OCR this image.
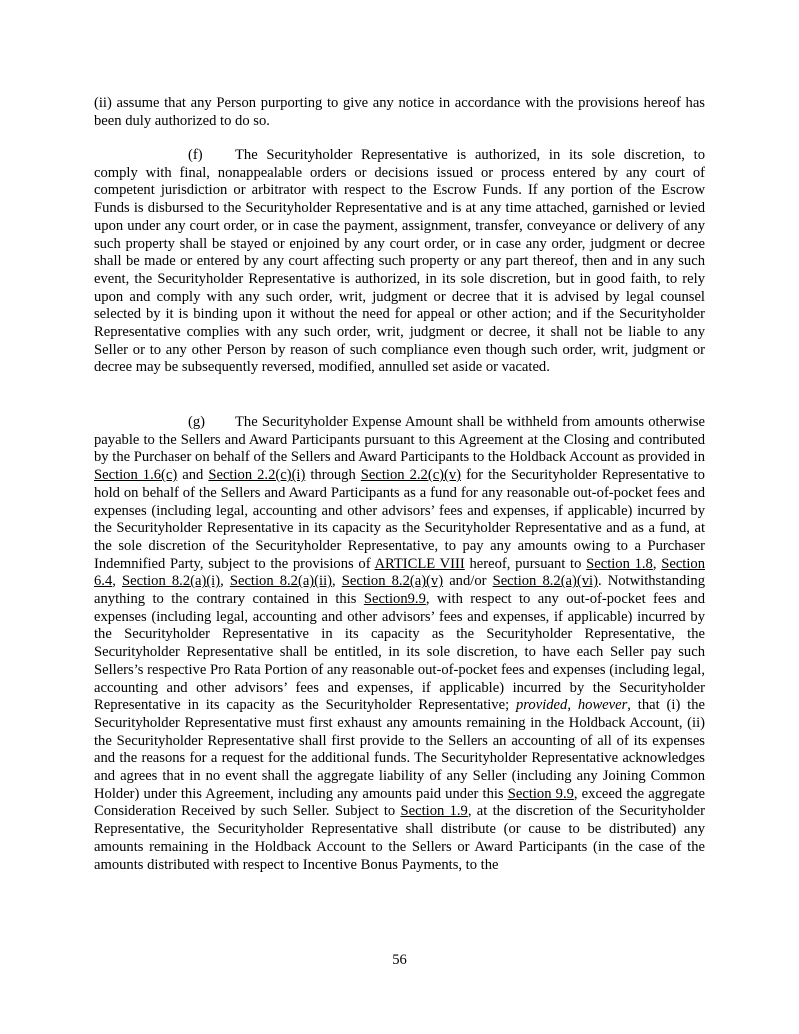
(ii) assume that any Person purporting to give any notice in accordance with the provisions hereof has been duly authorized to do so.

(f) The Securityholder Representative is authorized, in its sole discretion, to comply with final, nonappealable orders or decisions issued or process entered by any court of competent jurisdiction or arbitrator with respect to the Escrow Funds. If any portion of the Escrow Funds is disbursed to the Securityholder Representative and is at any time attached, garnished or levied upon under any court order, or in case the payment, assignment, transfer, conveyance or delivery of any such property shall be stayed or enjoined by any court order, or in case any order, judgment or decree shall be made or entered by any court affecting such property or any part thereof, then and in any such event, the Securityholder Representative is authorized, in its sole discretion, but in good faith, to rely upon and comply with any such order, writ, judgment or decree that it is advised by legal counsel selected by it is binding upon it without the need for appeal or other action; and if the Securityholder Representative complies with any such order, writ, judgment or decree, it shall not be liable to any Seller or to any other Person by reason of such compliance even though such order, writ, judgment or decree may be subsequently reversed, modified, annulled set aside or vacated.

(g) The Securityholder Expense Amount shall be withheld from amounts otherwise payable to the Sellers and Award Participants pursuant to this Agreement at the Closing and contributed by the Purchaser on behalf of the Sellers and Award Participants to the Holdback Account as provided in Section 1.6(c) and Section 2.2(c)(i) through Section 2.2(c)(v) for the Securityholder Representative to hold on behalf of the Sellers and Award Participants as a fund for any reasonable out-of-pocket fees and expenses (including legal, accounting and other advisors’ fees and expenses, if applicable) incurred by the Securityholder Representative in its capacity as the Securityholder Representative and as a fund, at the sole discretion of the Securityholder Representative, to pay any amounts owing to a Purchaser Indemnified Party, subject to the provisions of ARTICLE VIII hereof, pursuant to Section 1.8, Section 6.4, Section 8.2(a)(i), Section 8.2(a)(ii), Section 8.2(a)(v) and/or Section 8.2(a)(vi). Notwithstanding anything to the contrary contained in this Section9.9, with respect to any out-of-pocket fees and expenses (including legal, accounting and other advisors’ fees and expenses, if applicable) incurred by the Securityholder Representative in its capacity as the Securityholder Representative, the Securityholder Representative shall be entitled, in its sole discretion, to have each Seller pay such Sellers’s respective Pro Rata Portion of any reasonable out-of-pocket fees and expenses (including legal, accounting and other advisors’ fees and expenses, if applicable) incurred by the Securityholder Representative in its capacity as the Securityholder Representative; provided, however, that (i) the Securityholder Representative must first exhaust any amounts remaining in the Holdback Account, (ii) the Securityholder Representative shall first provide to the Sellers an accounting of all of its expenses and the reasons for a request for the additional funds. The Securityholder Representative acknowledges and agrees that in no event shall the aggregate liability of any Seller (including any Joining Common Holder) under this Agreement, including any amounts paid under this Section 9.9, exceed the aggregate Consideration Received by such Seller. Subject to Section 1.9, at the discretion of the Securityholder Representative, the Securityholder Representative shall distribute (or cause to be distributed) any amounts remaining in the Holdback Account to the Sellers or Award Participants (in the case of the amounts distributed with respect to Incentive Bonus Payments, to the

56
